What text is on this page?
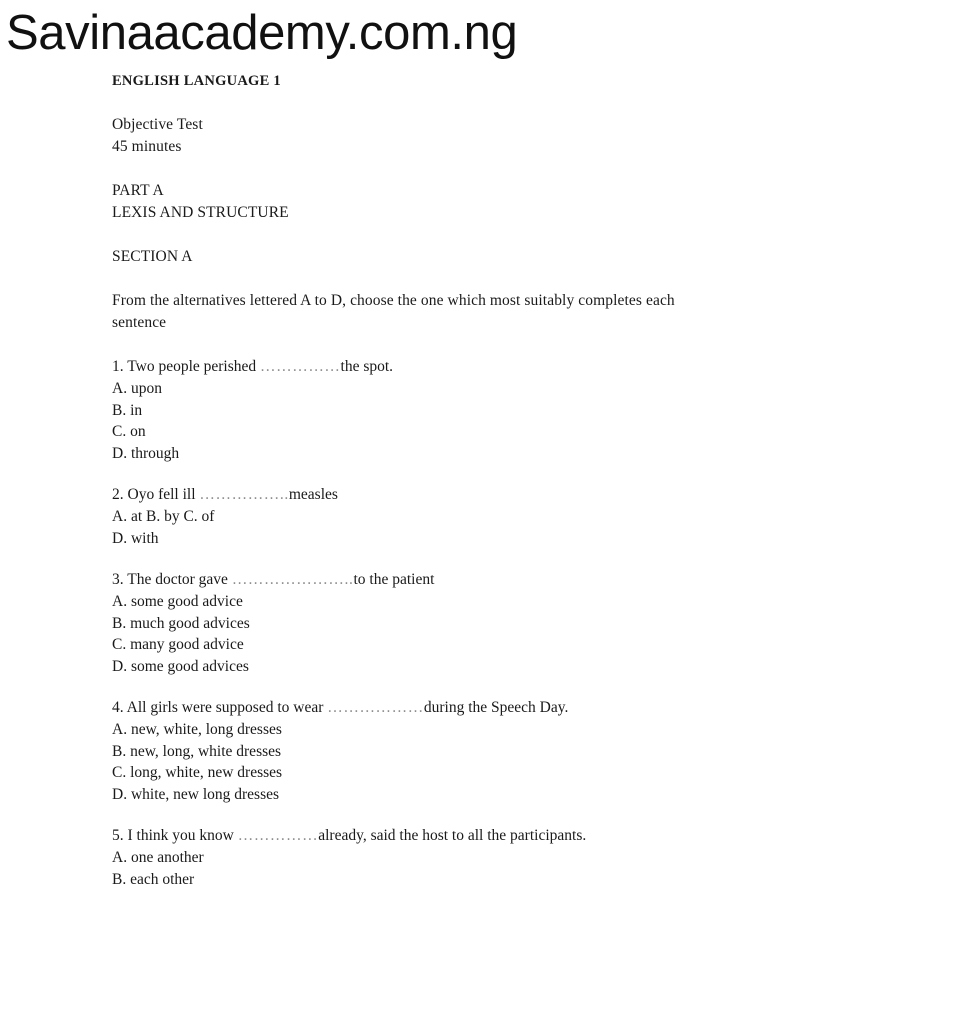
Savinaacademy.com.ng
ENGLISH LANGUAGE 1
Objective Test
45 minutes
PART A
LEXIS AND STRUCTURE
SECTION A
From the alternatives lettered A to D, choose the one which most suitably completes each
sentence
1. Two people perished ……………the spot.
A. upon
B. in
C. on
D. through
2. Oyo fell ill ……………..measles
A. at B. by C. of
D. with
3. The doctor gave …………………..to the patient
A. some good advice
B. much good advices
C. many good advice
D. some good advices
4. All girls were supposed to wear ………………during the Speech Day.
A. new, white, long dresses
B. new, long, white dresses
C. long, white, new dresses
D. white, new long dresses
5. I think you know ……………already, said the host to all the participants.
A. one another
B. each other
